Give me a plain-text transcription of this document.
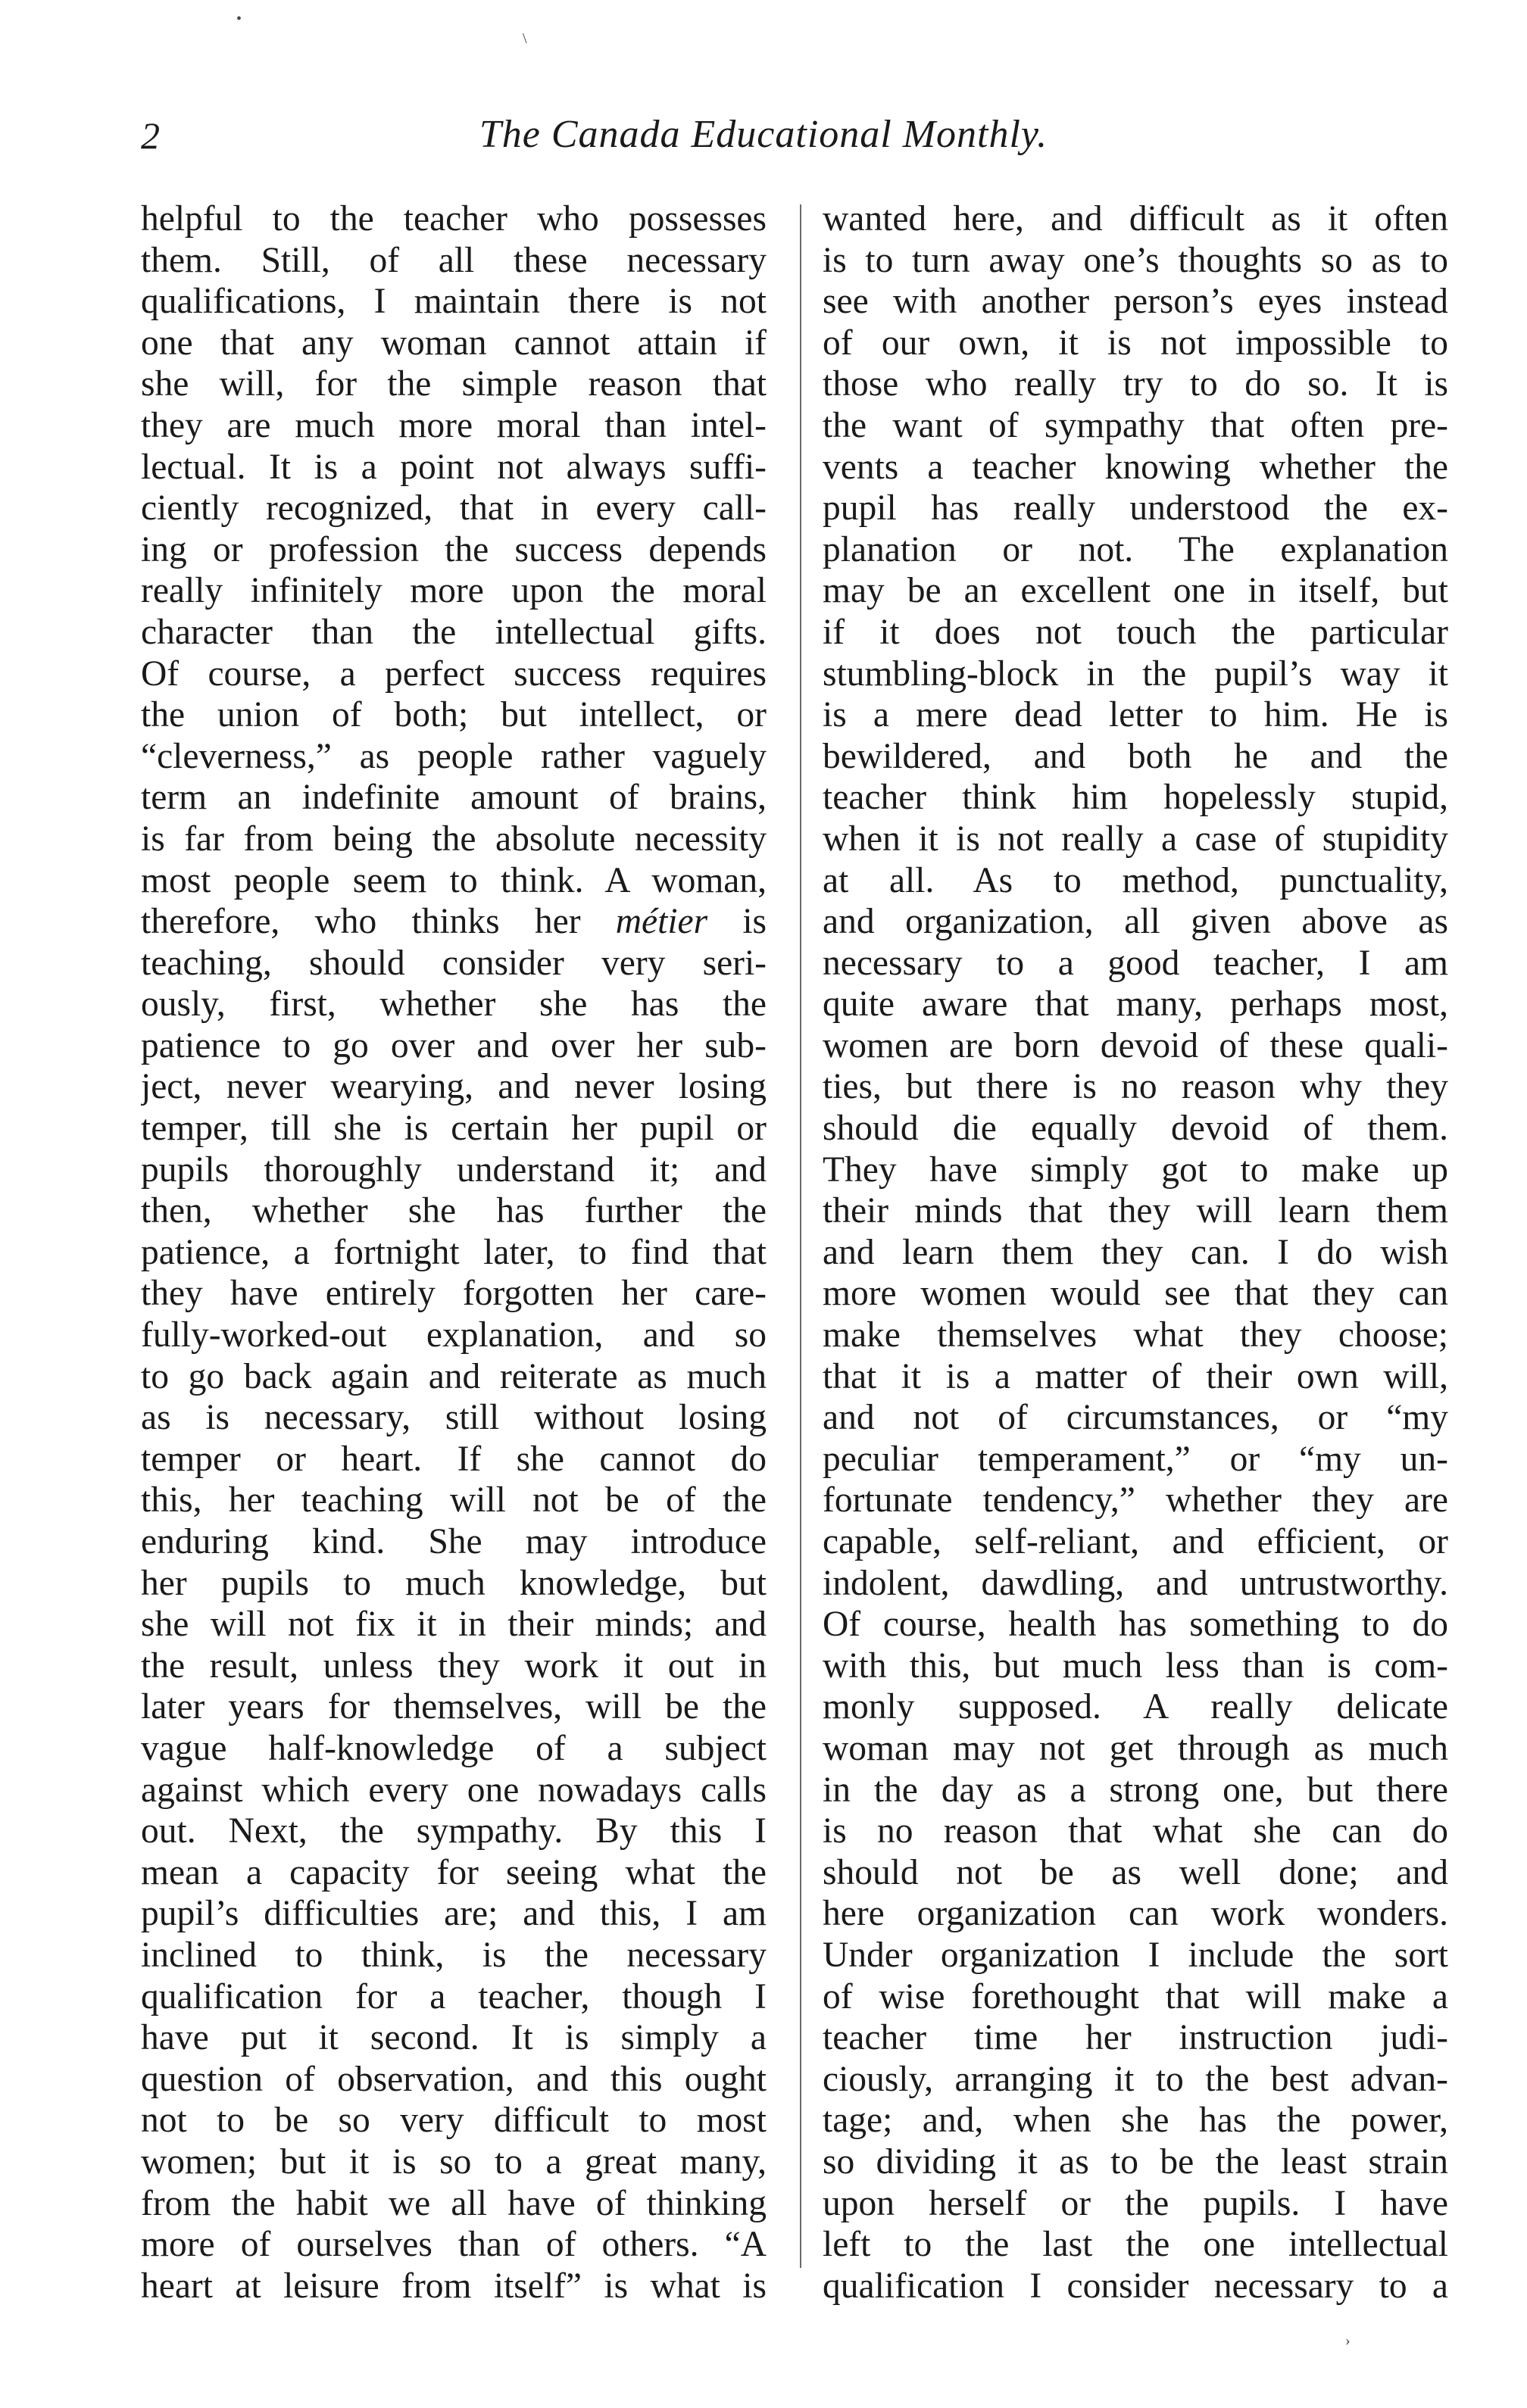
2	The Canada Educational Monthly.
helpful to the teacher who possesses
them. Still, of all these necessary
qualifications, I maintain there is not
one that any woman cannot attain if
she will, for the simple reason that
they are much more moral than intel-
lectual. It is a point not always suffi-
ciently recognized, that in every call-
ing or profession the success depends
really infinitely more upon the moral
character than the intellectual gifts.
Of course, a perfect success requires
the union of both; but intellect, or
“cleverness,” as people rather vaguely
term an indefinite amount of brains,
is far from being the absolute necessity
most people seem to think. A woman,
therefore, who thinks her métier is
teaching, should consider very seri-
ously, first, whether she has the
patience to go over and over her sub-
ject, never wearying, and never losing
temper, till she is certain her pupil or
pupils thoroughly understand it; and
then, whether she has further the
patience, a fortnight later, to find that
they have entirely forgotten her care-
fully-worked-out explanation, and so
to go back again and reiterate as much
as is necessary, still without losing
temper or heart. If she cannot do
this, her teaching will not be of the
enduring kind. She may introduce
her pupils to much knowledge, but
she will not fix it in their minds; and
the result, unless they work it out in
later years for themselves, will be the
vague half-knowledge of a subject
against which every one nowadays calls
out. Next, the sympathy. By this I
mean a capacity for seeing what the
pupil’s difficulties are; and this, I am
inclined to think, is the necessary
qualification for a teacher, though I
have put it second. It is simply a
question of observation, and this ought
not to be so very difficult to most
women; but it is so to a great many,
from the habit we all have of thinking
more of ourselves than of others. “A
heart at leisure from itself” is what is
wanted here, and difficult as it often
is to turn away one’s thoughts so as to
see with another person’s eyes instead
of our own, it is not impossible to
those who really try to do so. It is
the want of sympathy that often pre-
vents a teacher knowing whether the
pupil has really understood the ex-
planation or not. The explanation
may be an excellent one in itself, but
if it does not touch the particular
stumbling-block in the pupil’s way it
is a mere dead letter to him. He is
bewildered, and both he and the
teacher think him hopelessly stupid,
when it is not really a case of stupidity
at all. As to method, punctuality,
and organization, all given above as
necessary to a good teacher, I am
quite aware that many, perhaps most,
women are born devoid of these quali-
ties, but there is no reason why they
should die equally devoid of them.
They have simply got to make up
their minds that they will learn them
and learn them they can. I do wish
more women would see that they can
make themselves what they choose;
that it is a matter of their own will,
and not of circumstances, or “my
peculiar temperament,” or “my un-
fortunate tendency,” whether they are
capable, self-reliant, and efficient, or
indolent, dawdling, and untrustworthy.
Of course, health has something to do
with this, but much less than is com-
monly supposed. A really delicate
woman may not get through as much
in the day as a strong one, but there
is no reason that what she can do
should not be as well done; and
here organization can work wonders.
Under organization I include the sort
of wise forethought that will make a
teacher time her instruction judi-
ciously, arranging it to the best advan-
tage; and, when she has the power,
so dividing it as to be the least strain
upon herself or the pupils. I have
left to the last the one intellectual
qualification I consider necessary to a
•
\
›
